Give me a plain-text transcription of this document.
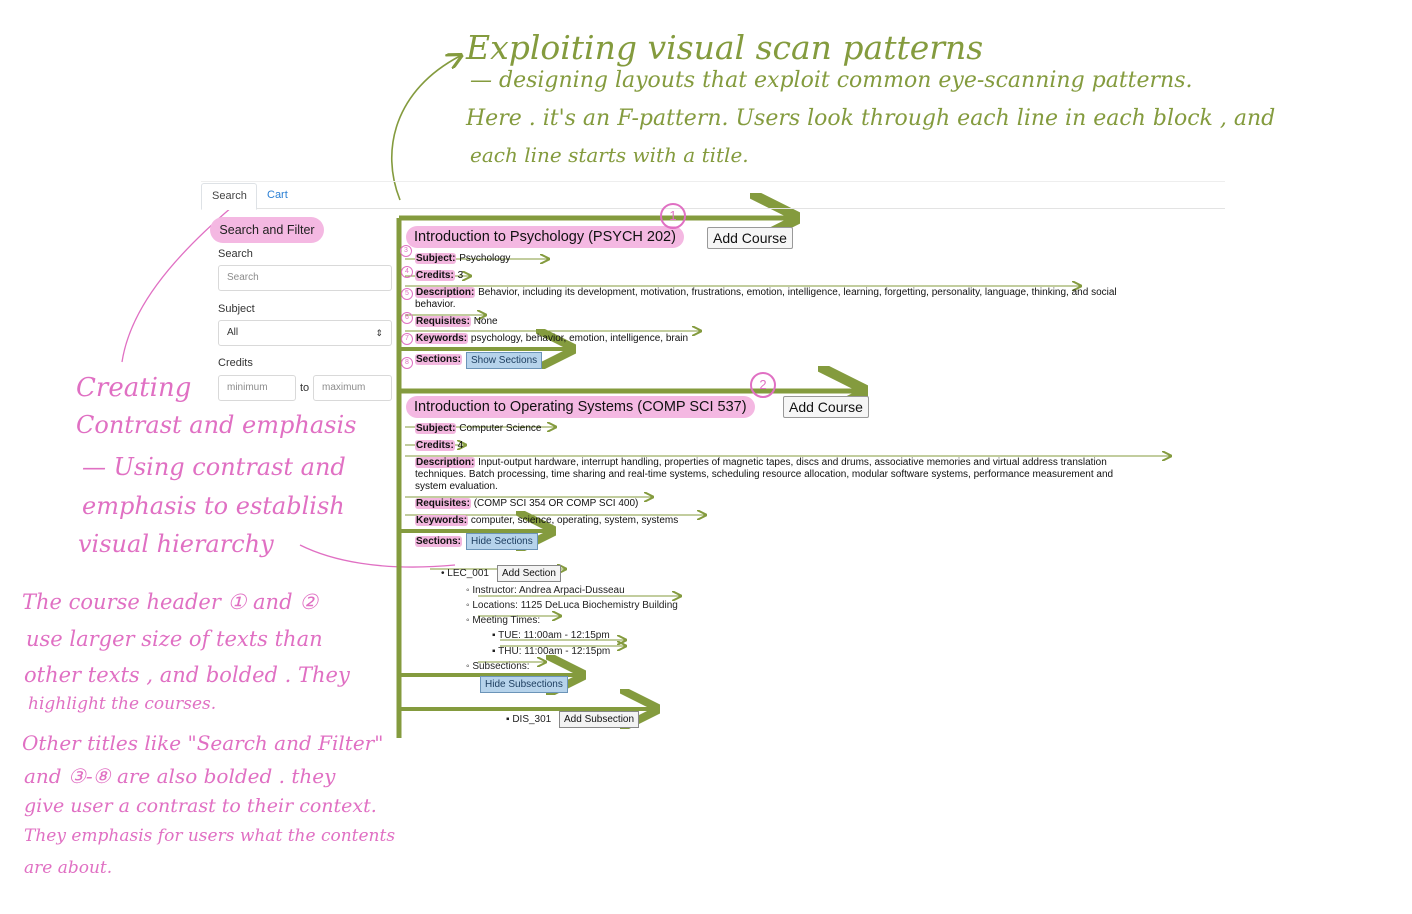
Exploiting visual scan patterns
— designing layouts that exploit common eye-scanning patterns.
Here . it's an F-pattern. Users look through each line in each block , and
each line starts with a title.
Search	Cart
Search and Filter
Search
Search
Subject
All	⇕
Credits
minimum	to	maximum
Introduction to Psychology (PSYCH 202)	Add Course
Subject: Psychology
Credits: 3
Description: Behavior, including its development, motivation, frustrations, emotion, intelligence, learning, forgetting, personality, language, thinking, and social
behavior.
Requisites: None
Keywords: psychology, behavior, emotion, intelligence, brain
Sections: Show Sections
Introduction to Operating Systems (COMP SCI 537)	Add Course
Subject: Computer Science
Credits: 4
Description: Input-output hardware, interrupt handling, properties of magnetic tapes, discs and drums, associative memories and virtual address translation
techniques. Batch processing, time sharing and real-time systems, scheduling resource allocation, modular software systems, performance measurement and
system evaluation.
Requisites: (COMP SCI 354 OR COMP SCI 400)
Keywords: computer, science, operating, system, systems
Sections: Hide Sections
• LEC_001	Add Section
◦ Instructor: Andrea Arpaci-Dusseau
◦ Locations: 1125 DeLuca Biochemistry Building
◦ Meeting Times:
▪ TUE: 11:00am - 12:15pm
▪ THU: 11:00am - 12:15pm
◦ Subsections:
Hide Subsections
▪ DIS_301	Add Subsection
1
2
3
4
5
6
7
8
Creating
Contrast and emphasis
— Using contrast and
emphasis to establish
visual hierarchy
The course header ① and ②
use larger size of texts than
other texts , and bolded . They
highlight the courses.
Other titles like "Search and Filter"
and ③-⑧ are also bolded . they
give user a contrast to their context.
They emphasis for users what the contents
are about.
